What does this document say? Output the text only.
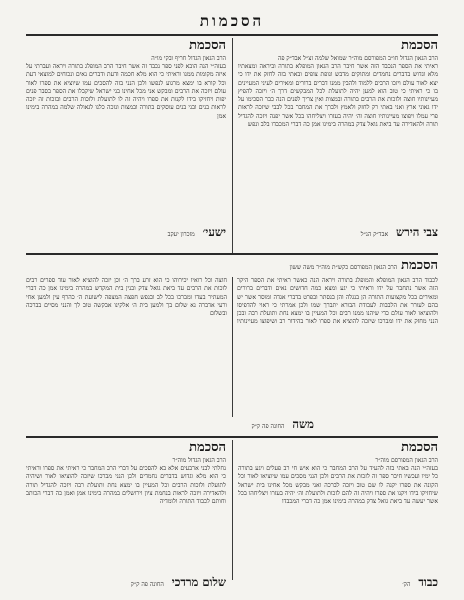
הסכמות
הסכמת
הרב הגאון הגדול חו״ב המפורסם מוה״ר שמואל שלמה זצ״ל אבד״ק פה
ראיתי את הספר הנכבד הזה אשר חיבר הרב הגאון המופלא בתורה וביראה ומצאתיו מלא וגדוש בדברים נחמדים ומתוקים מדבש ונופת צופים ובאתי בזה לחזק את ידו כי יצא לאור עולם ויזכו הרבים ללמוד ולהבין ממנו דברים ברורים ומאירים לעיני המעיינים בו כי ראיתי כי טוב הוא למען יהיה לתועלת לכל המבקשים דרך ה׳ ויזכה להפיץ מעיינותיו חוצה ולזכות את הרבים בתורה ובמצות ואין צריך לפנים הנה כבר הסכימו על ידו גאוני ארץ ואני באתי רק לחזק ולאמץ ולברך את המחבר בכל לבבי שיזכה לראות פרי עמלו ויפוצו מעיינותיו חוצה וה׳ יהיה בעזרו ויצליחהו בכל אשר יפנה ויזכה להגדיל תורה ולהאדירה עד ביאת גואל צדק במהרה בימינו אמן כה דברי המכבדו בלב ונפש
צבי הירש אבד״ק הנ״ל
הסכמת
הרב הגאון הגדול חריף ובקי מו״ה
בעזה״י הנה הובא לפני ספר נכבד זה אשר חיבר הרב המופלג בתורה ויראה ועברתי על איזה מקומות ממנו וראיתי כי הוא מלא חכמה ודעת ודברים נאים ונכוחים למוצאי דעת וכל קורא בו ימצא מרגוע לנפשו ולכן הנני בזה להסכים עמו שיוציא את ספרו לאור עולם ויזכה את הרבים ומבקש אני מכל אחינו בני ישראל שיקבלו את הספר בסבר פנים יפות ויחזיקו בידו לקנות את ספרו ויהיה זה לו לתועלת ולזכות הרבים ובזכות זה יזכה לראות בנים ובני בנים עוסקים בתורה ובמצות ונזכה כלנו לגאולה שלמה במהרה בימינו אמן
ישעי׳ מזכרון יעקב
הסכמתהרב הגאון המפורסם כקש״ת מוה״ר משה ששון
לכבוד הרב הגאון המופלא והמופלג בתורה ויראה הנה כאשר ראיתי את הספר היקר הזה אשר נתחבר על ידו וראיתי כי יגע ומצא כמה חדושים נאים ודברים ברורים ומאירים בכל מקצועות התורה הן בנגלה והן בנסתר ובפרט בדברי אגדה ומוסר אשר יש בהם לעורר את הלבבות לעבודת הבורא יתברך שמו ולכן אמרתי כי ראוי להדפיסו ולהוציאו לאור עולם כדי שיהנו ממנו רבים וכל המעיין בו ימצא נחת ותועלת רבה ובכן הנני מחזק את ידו ומברכו שיזכה להוציא את ספרו לאור בהידור רב ושיפוצו מעיינותיו חוצה וכל רואיו יכירוהו כי הוא זרע ברך ה׳ וכן יזכה להוציא לאור עוד ספרים רבים לזכות את הרבים עד ביאת גואל צדק ובנין בית המקדש במהרה בימינו אמן כה דברי המעתיר בעדו ומברכו בכל לב ובנפש חפצה המצפה לישועת ה׳ כהרף עין ולמען אחי ורעי אדברה נא שלום בך ולמען בית ה׳ אלקינו אבקשה טוב לך והנני מסיים בברכה ובשלום
משה החונה פה ק״ק
הסכמת
הרב הגאון המפורסם מוה״ר
בעזה״י הנה באתי בזה להעיד על הרב המחבר כי הוא איש חי רב פעלים ויגע בתורה כל ימיו ועכשיו חיבר ספר זה לזכות את הרבים ולכן הנני מסכים עמו שיוציאו לאור וכל הקונה את ספרו יקנה לו שם טוב ויזכה לברכה ואני מבקש מכל אחינו בית ישראל שיחזיקו בידו ויקנו את ספרו ויהיה זה להם לזכות ולתועלת וה׳ יהיה בעזרו ויצליחהו בכל אשר יעשה עד ביאת גואל צדק במהרה בימינו אמן כה דברי המכבדו
כבוד הק׳
הסכמת
הרב הגאון הגדול מוה״ר
נחלתי לבני ארבעים אלא בא להסכים על דברי הרב המחבר כי ראיתי את ספרו וראיתי כי הוא מלא וגדוש בדברים נחמדים ולכן הנני מברכו שיזכה להוציאו לאור ושיהיה לתועלת ולזכות הרבים וכל המעיין בו ימצא נחת ותועלת רבה ויזכה להגדיל תורה ולהאדירה ויזכה לראות בנחמת ציון וירושלים במהרה בימינו אמן ואמן כה דברי הכותב וחותם לכבוד התורה ולומדיה
שלום מרדכי החונה פה ק״ק
